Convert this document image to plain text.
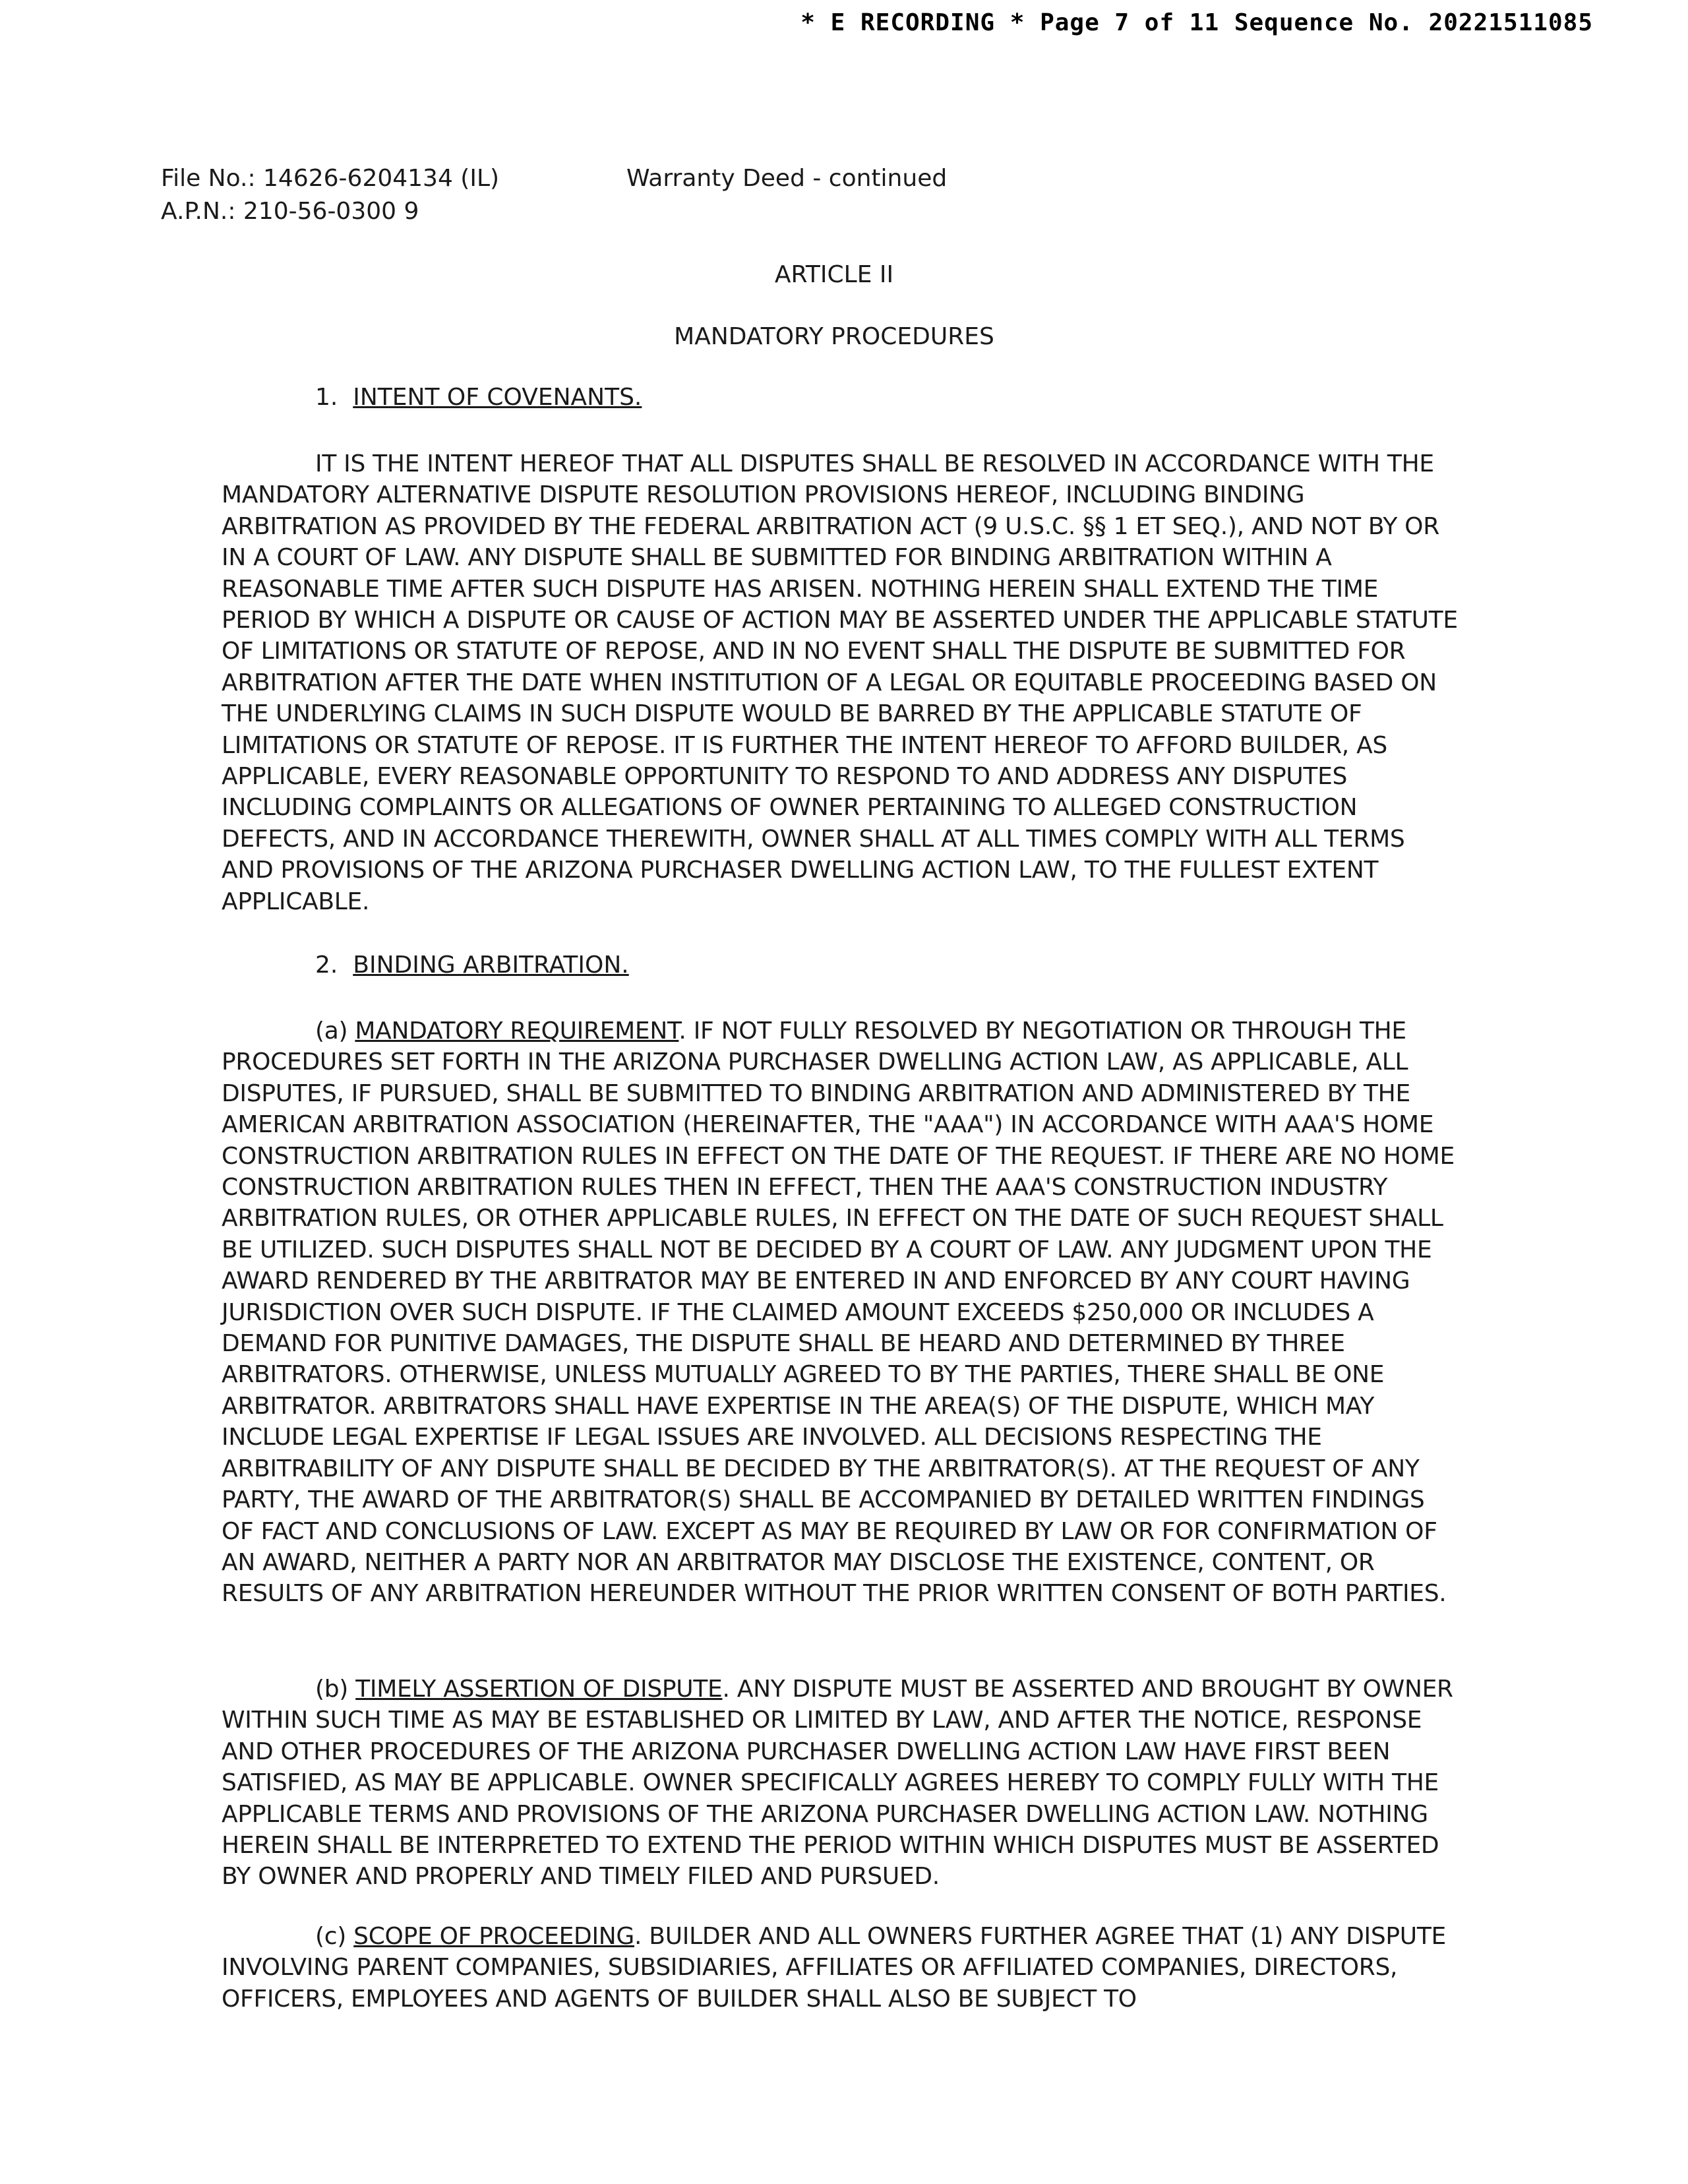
* E RECORDING * Page 7 of 11 Sequence No. 20221511085
File No.: 14626-6204134 (IL)
A.P.N.: 210-56-0300 9
Warranty Deed - continued
ARTICLE II
MANDATORY PROCEDURES
1. INTENT OF COVENANTS.
IT IS THE INTENT HEREOF THAT ALL DISPUTES SHALL BE RESOLVED IN ACCORDANCE WITH THE MANDATORY ALTERNATIVE DISPUTE RESOLUTION PROVISIONS HEREOF, INCLUDING BINDING ARBITRATION AS PROVIDED BY THE FEDERAL ARBITRATION ACT (9 U.S.C. §§ 1 ET SEQ.), AND NOT BY OR IN A COURT OF LAW. ANY DISPUTE SHALL BE SUBMITTED FOR BINDING ARBITRATION WITHIN A REASONABLE TIME AFTER SUCH DISPUTE HAS ARISEN. NOTHING HEREIN SHALL EXTEND THE TIME PERIOD BY WHICH A DISPUTE OR CAUSE OF ACTION MAY BE ASSERTED UNDER THE APPLICABLE STATUTE OF LIMITATIONS OR STATUTE OF REPOSE, AND IN NO EVENT SHALL THE DISPUTE BE SUBMITTED FOR ARBITRATION AFTER THE DATE WHEN INSTITUTION OF A LEGAL OR EQUITABLE PROCEEDING BASED ON THE UNDERLYING CLAIMS IN SUCH DISPUTE WOULD BE BARRED BY THE APPLICABLE STATUTE OF LIMITATIONS OR STATUTE OF REPOSE. IT IS FURTHER THE INTENT HEREOF TO AFFORD BUILDER, AS APPLICABLE, EVERY REASONABLE OPPORTUNITY TO RESPOND TO AND ADDRESS ANY DISPUTES INCLUDING COMPLAINTS OR ALLEGATIONS OF OWNER PERTAINING TO ALLEGED CONSTRUCTION DEFECTS, AND IN ACCORDANCE THEREWITH, OWNER SHALL AT ALL TIMES COMPLY WITH ALL TERMS AND PROVISIONS OF THE ARIZONA PURCHASER DWELLING ACTION LAW, TO THE FULLEST EXTENT APPLICABLE.
2. BINDING ARBITRATION.
(a) MANDATORY REQUIREMENT. IF NOT FULLY RESOLVED BY NEGOTIATION OR THROUGH THE PROCEDURES SET FORTH IN THE ARIZONA PURCHASER DWELLING ACTION LAW, AS APPLICABLE, ALL DISPUTES, IF PURSUED, SHALL BE SUBMITTED TO BINDING ARBITRATION AND ADMINISTERED BY THE AMERICAN ARBITRATION ASSOCIATION (HEREINAFTER, THE "AAA") IN ACCORDANCE WITH AAA'S HOME CONSTRUCTION ARBITRATION RULES IN EFFECT ON THE DATE OF THE REQUEST. IF THERE ARE NO HOME CONSTRUCTION ARBITRATION RULES THEN IN EFFECT, THEN THE AAA'S CONSTRUCTION INDUSTRY ARBITRATION RULES, OR OTHER APPLICABLE RULES, IN EFFECT ON THE DATE OF SUCH REQUEST SHALL BE UTILIZED. SUCH DISPUTES SHALL NOT BE DECIDED BY A COURT OF LAW. ANY JUDGMENT UPON THE AWARD RENDERED BY THE ARBITRATOR MAY BE ENTERED IN AND ENFORCED BY ANY COURT HAVING JURISDICTION OVER SUCH DISPUTE. IF THE CLAIMED AMOUNT EXCEEDS $250,000 OR INCLUDES A DEMAND FOR PUNITIVE DAMAGES, THE DISPUTE SHALL BE HEARD AND DETERMINED BY THREE ARBITRATORS. OTHERWISE, UNLESS MUTUALLY AGREED TO BY THE PARTIES, THERE SHALL BE ONE ARBITRATOR. ARBITRATORS SHALL HAVE EXPERTISE IN THE AREA(S) OF THE DISPUTE, WHICH MAY INCLUDE LEGAL EXPERTISE IF LEGAL ISSUES ARE INVOLVED. ALL DECISIONS RESPECTING THE ARBITRABILITY OF ANY DISPUTE SHALL BE DECIDED BY THE ARBITRATOR(S). AT THE REQUEST OF ANY PARTY, THE AWARD OF THE ARBITRATOR(S) SHALL BE ACCOMPANIED BY DETAILED WRITTEN FINDINGS OF FACT AND CONCLUSIONS OF LAW. EXCEPT AS MAY BE REQUIRED BY LAW OR FOR CONFIRMATION OF AN AWARD, NEITHER A PARTY NOR AN ARBITRATOR MAY DISCLOSE THE EXISTENCE, CONTENT, OR RESULTS OF ANY ARBITRATION HEREUNDER WITHOUT THE PRIOR WRITTEN CONSENT OF BOTH PARTIES.
(b) TIMELY ASSERTION OF DISPUTE. ANY DISPUTE MUST BE ASSERTED AND BROUGHT BY OWNER WITHIN SUCH TIME AS MAY BE ESTABLISHED OR LIMITED BY LAW, AND AFTER THE NOTICE, RESPONSE AND OTHER PROCEDURES OF THE ARIZONA PURCHASER DWELLING ACTION LAW HAVE FIRST BEEN SATISFIED, AS MAY BE APPLICABLE. OWNER SPECIFICALLY AGREES HEREBY TO COMPLY FULLY WITH THE APPLICABLE TERMS AND PROVISIONS OF THE ARIZONA PURCHASER DWELLING ACTION LAW. NOTHING HEREIN SHALL BE INTERPRETED TO EXTEND THE PERIOD WITHIN WHICH DISPUTES MUST BE ASSERTED BY OWNER AND PROPERLY AND TIMELY FILED AND PURSUED.
(c) SCOPE OF PROCEEDING. BUILDER AND ALL OWNERS FURTHER AGREE THAT (1) ANY DISPUTE INVOLVING PARENT COMPANIES, SUBSIDIARIES, AFFILIATES OR AFFILIATED COMPANIES, DIRECTORS, OFFICERS, EMPLOYEES AND AGENTS OF BUILDER SHALL ALSO BE SUBJECT TO
